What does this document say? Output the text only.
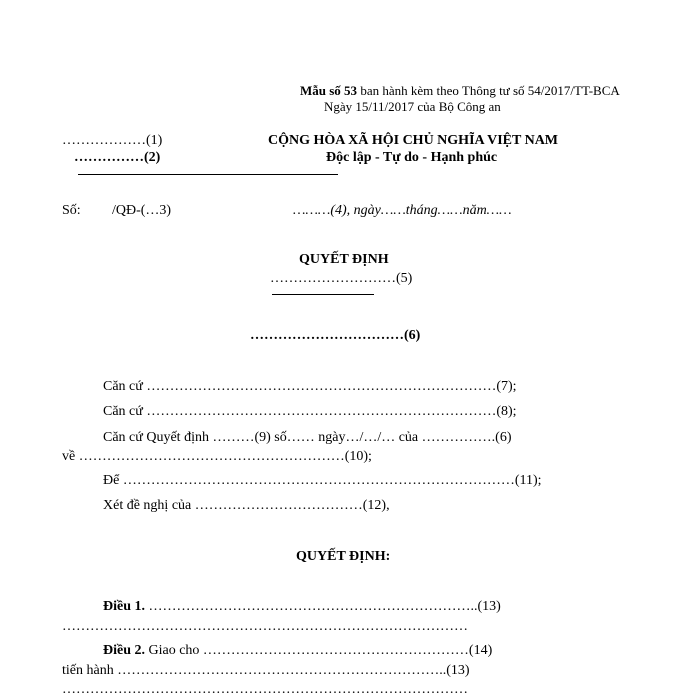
Mẫu số 53 ban hành kèm theo Thông tư số 54/2017/TT-BCA
Ngày 15/11/2017 của Bộ Công an
………………(1)
……………(2)
CỘNG HÒA XÃ HỘI CHỦ NGHĨA VIỆT NAM
Độc lập - Tự do - Hạnh phúc
Số: /QĐ-(…3)	………(4), ngày……tháng……năm……
QUYẾT ĐỊNH
………………………(5)
……………………………(6)
Căn cứ …………………………………………………………………(7);
Căn cứ …………………………………………………………………(8);
Căn cứ Quyết định ………(9) số…… ngày…/…/… của …………….(6)
về …………………………………………………(10);
Để …………………………………………………………………………(11);
Xét đề nghị của ………………………………(12),
QUYẾT ĐỊNH:
Điều 1. ……………………………………………………………..(13)
……………………………………………………………………………
Điều 2. Giao cho …………………………………………………(14)
tiến hành ……………………………………………………………..(13)
……………………………………………………………………………
